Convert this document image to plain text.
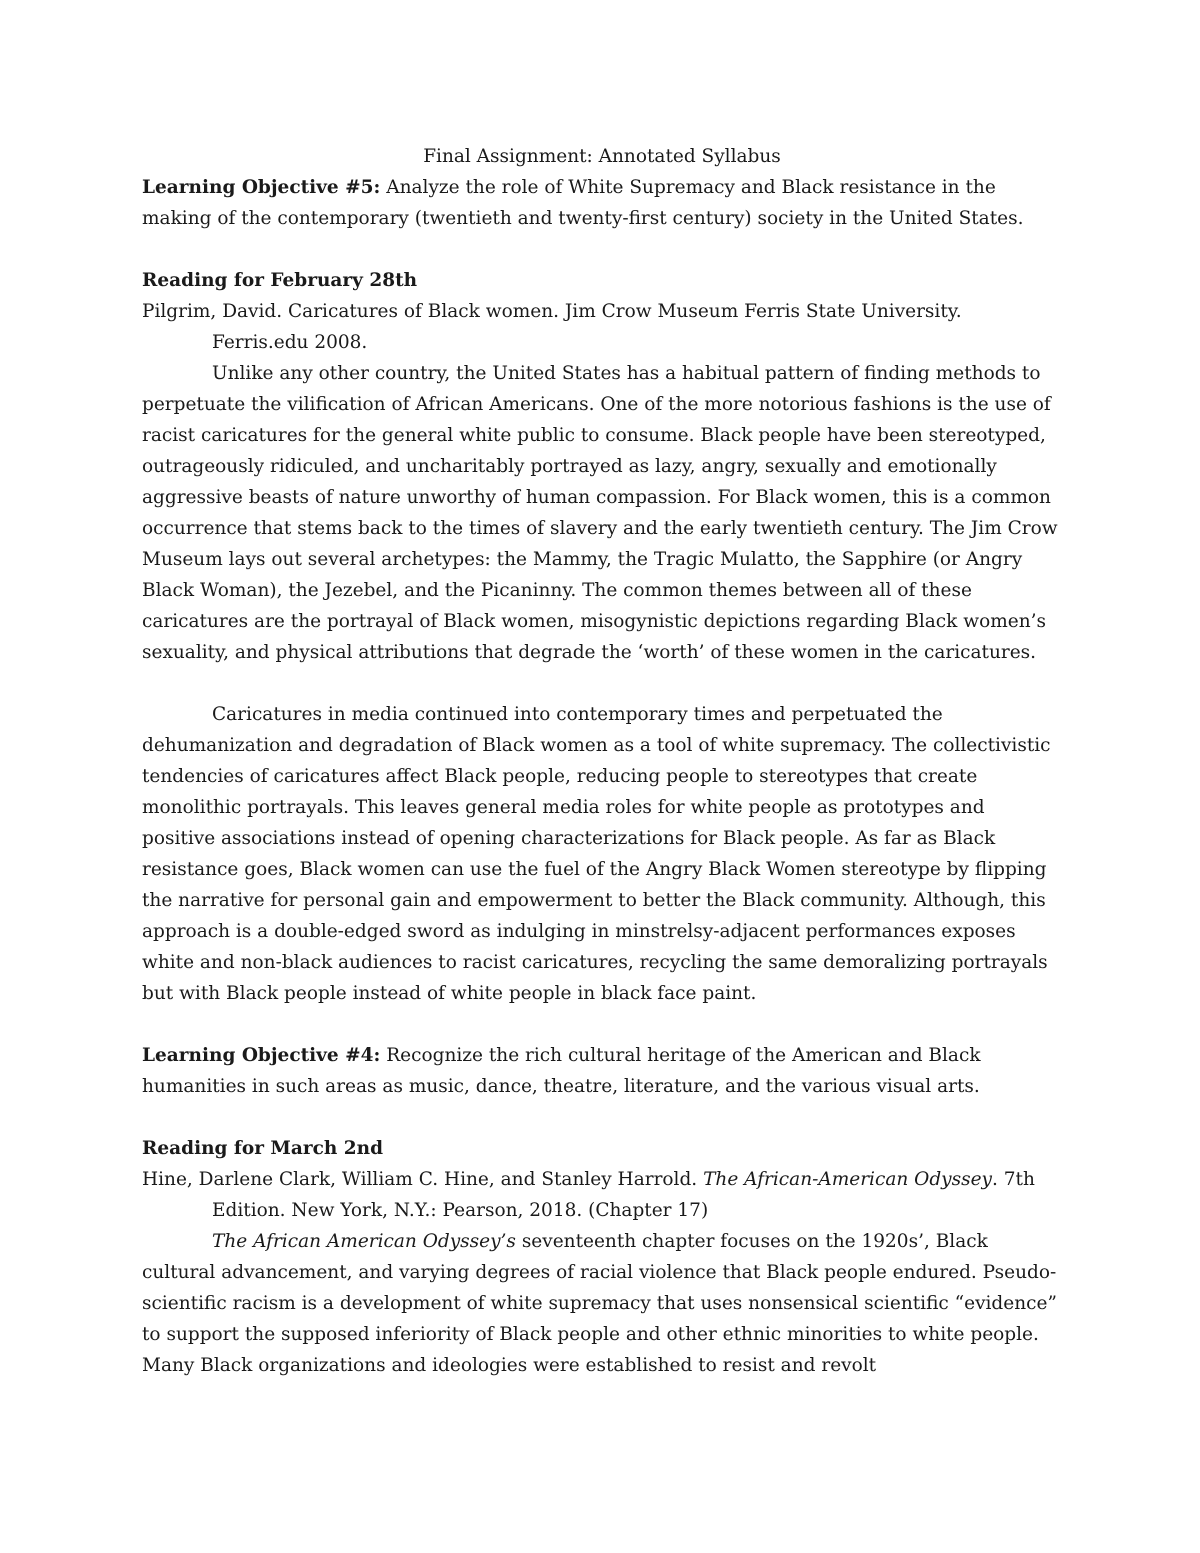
Final Assignment: Annotated Syllabus

Learning Objective #5: Analyze the role of White Supremacy and Black resistance in the making of the contemporary (twentieth and twenty-first century) society in the United States.

Reading for February 28th

Pilgrim, David. Caricatures of Black women. Jim Crow Museum Ferris State University. Ferris.edu 2008.

Unlike any other country, the United States has a habitual pattern of finding methods to perpetuate the vilification of African Americans. One of the more notorious fashions is the use of racist caricatures for the general white public to consume. Black people have been stereotyped, outrageously ridiculed, and uncharitably portrayed as lazy, angry, sexually and emotionally aggressive beasts of nature unworthy of human compassion. For Black women, this is a common occurrence that stems back to the times of slavery and the early twentieth century. The Jim Crow Museum lays out several archetypes: the Mammy, the Tragic Mulatto, the Sapphire (or Angry Black Woman), the Jezebel, and the Picaninny. The common themes between all of these caricatures are the portrayal of Black women, misogynistic depictions regarding Black women’s sexuality, and physical attributions that degrade the ‘worth’ of these women in the caricatures.

Caricatures in media continued into contemporary times and perpetuated the dehumanization and degradation of Black women as a tool of white supremacy. The collectivistic tendencies of caricatures affect Black people, reducing people to stereotypes that create monolithic portrayals. This leaves general media roles for white people as prototypes and positive associations instead of opening characterizations for Black people. As far as Black resistance goes, Black women can use the fuel of the Angry Black Women stereotype by flipping the narrative for personal gain and empowerment to better the Black community. Although, this approach is a double-edged sword as indulging in minstrelsy-adjacent performances exposes white and non-black audiences to racist caricatures, recycling the same demoralizing portrayals but with Black people instead of white people in black face paint.

Learning Objective #4: Recognize the rich cultural heritage of the American and Black humanities in such areas as music, dance, theatre, literature, and the various visual arts.

Reading for March 2nd

Hine, Darlene Clark, William C. Hine, and Stanley Harrold. The African-American Odyssey. 7th Edition. New York, N.Y.: Pearson, 2018. (Chapter 17)

The African American Odyssey’s seventeenth chapter focuses on the 1920s’, Black cultural advancement, and varying degrees of racial violence that Black people endured. Pseudo-scientific racism is a development of white supremacy that uses nonsensical scientific “evidence” to support the supposed inferiority of Black people and other ethnic minorities to white people. Many Black organizations and ideologies were established to resist and revolt
